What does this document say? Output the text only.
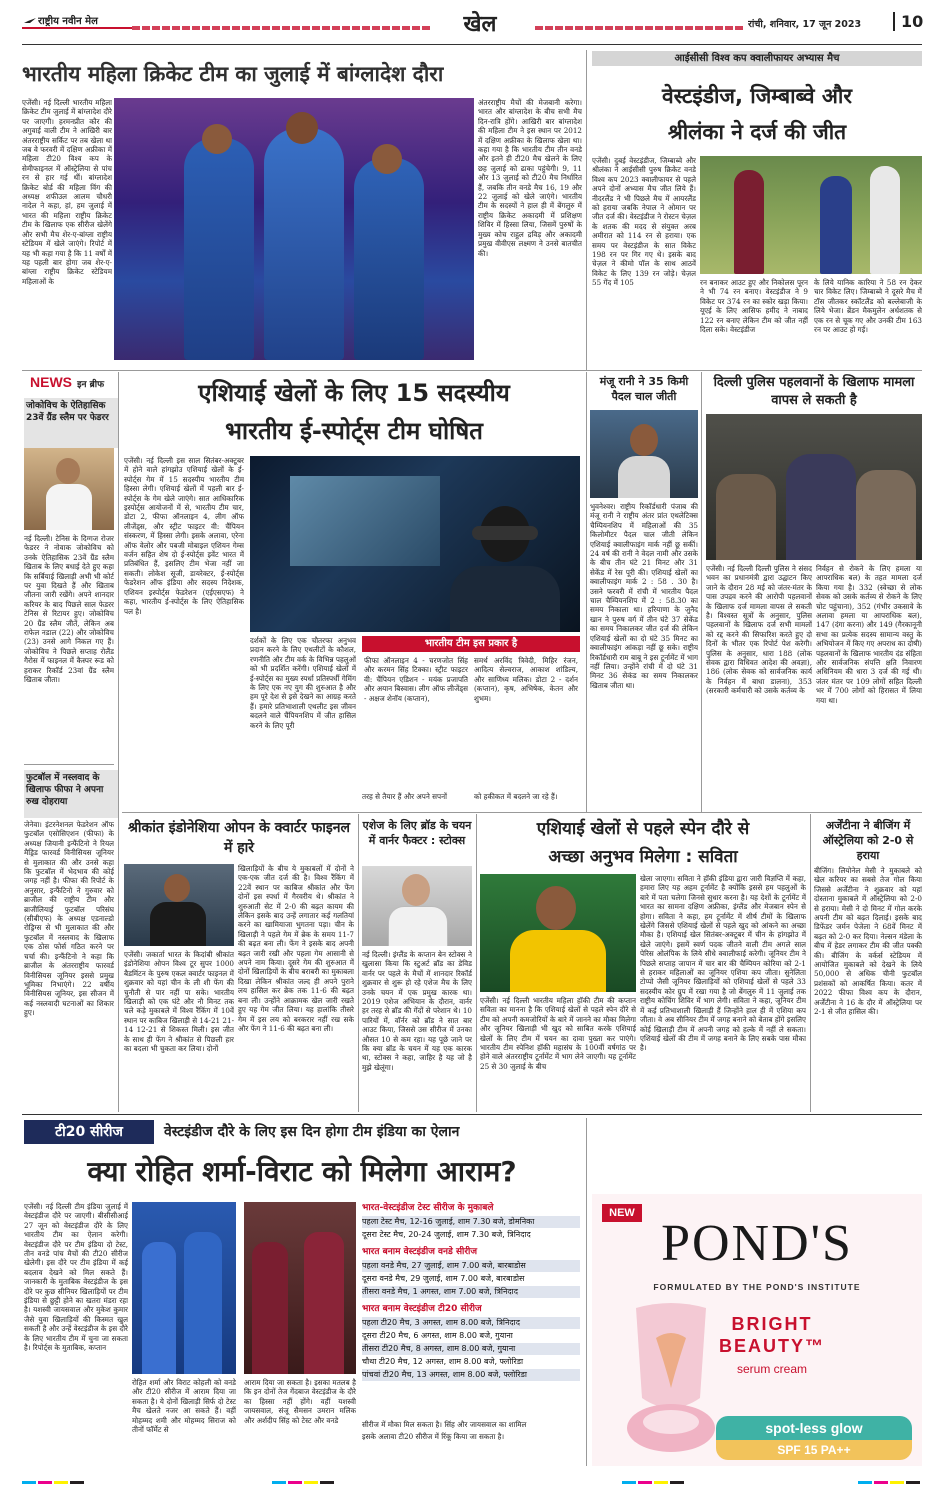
राष्ट्रीय नवीन मेल	खेल	रांची, शनिवार, 17 जून 2023	10
भारतीय महिला क्रिकेट टीम का जुलाई में बांग्लादेश दौरा
एजेंसी। नई दिल्ली भारतीय महिला क्रिकेट टीम जुलाई में बांग्लादेश दौरे पर जाएगी। हरमनप्रीत कौर की अगुवाई वाली टीम ने आखिरी बार अंतरराष्ट्रीय सर्किट पर तब खेला था जब वे फरवरी में दक्षिण अफ्रीका में महिला टी20 विश्व कप के सेमीफाइनल में ऑस्ट्रेलिया से पांच रन से हार गई थीं। बांग्लादेश क्रिकेट बोर्ड की महिला विंग की अध्यक्ष शफीउल आलम चौधरी नादेल ने कहा, हां, हम जुलाई में भारत की महिला राष्ट्रीय क्रिकेट टीम के खिलाफ एक सीरीज खेलेंगे और सभी मैच शेर-ए-बांग्ला राष्ट्रीय स्टेडियम में खेले जाएंगे। रिपोर्ट में यह भी कहा गया है कि 11 वर्षों में यह पहली बार होगा जब शेर-ए-बांग्ला राष्ट्रीय क्रिकेट स्टेडियम महिलाओं के
अंतरराष्ट्रीय मैचों की मेजबानी करेगा। भारत और बांग्लादेश के बीच सभी मैच दिन-रात्रि होंगे। आखिरी बार बांग्लादेश की महिला टीम ने इस स्थान पर 2012 में दक्षिण अफ्रीका के खिलाफ खेला था। कहा गया है कि भारतीय टीम तीन वनडे और इतने ही टी20 मैच खेलने के लिए छह जुलाई को ढाका पहुंचेगी। 9, 11 और 13 जुलाई को टी20 मैच निर्धारित हैं, जबकि तीन वनडे मैच 16, 19 और 22 जुलाई को खेले जाएंगे। भारतीय टीम के सदस्यों ने हाल ही में बेंगलुरु में राष्ट्रीय क्रिकेट अकादमी में प्रशिक्षण शिविर में हिस्सा लिया, जिसमें पुरुषों के मुख्य कोच राहुल द्रविड़ और अकादमी प्रमुख वीवीएस लक्ष्मण ने उनसे बातचीत की।
आईसीसी विश्व कप क्वालीफायर अभ्यास मैच
वेस्टइंडीज, जिम्बाब्वे और
श्रीलंका ने दर्ज की जीत
एजेंसी। दुबई वेस्टइंडीज, जिम्बाब्वे और श्रीलंका ने आईसीसी पुरुष क्रिकेट वनडे विश्व कप 2023 क्वालीफायर से पहले अपने दोनों अभ्यास मैच जीत लिये हैं। नीदरलैंड ने भी पिछले मैच में आयरलैंड को हराया जबकि नेपाल ने ओमान पर जीत दर्ज की। वेस्टइंडीज ने रोस्टन चेज़ल के शतक की मदद से संयुक्त अरब अमीरात को 114 रन से हराया। एक समय पर वेस्टइंडीज के सात विकेट 198 रन पर गिर गए थे। इसके बाद चेज़ल ने कीमो पॉल के साथ आठवें विकेट के लिए 139 रन जोड़े। चेज़ल 55 गेंद में 105	रन बनाकर आउट हुए और निकोलस पूरन ने भी 74 रन बनाए। वेस्टइंडीज ने 9 विकेट पर 374 रन का स्कोर खड़ा किया। यूएई के लिए आसिफ हमीद ने नाबाद 122 रन बनाए लेकिन टीम को जीत नहीं दिला सके। वेस्टइंडीज
के लिये यानिक कारिया ने 58 रन देकर चार विकेट लिए। जिम्बाब्वे ने दूसरे मैच में टॉस जीतकर स्कॉटलैंड को बल्लेबाजी के लिये भेजा। ब्रेंडन मैकमुलेन अर्धशतक से एक रन से चूक गए और उनकी टीम 163 रन पर आउट हो गई।
NEWS इन ब्रीफ
जोकोविच के ऐतिहासिक 23वें ग्रैंड स्लैम पर फेडरर
नई दिल्ली। टेनिस के दिग्गज रोजर फेडरर ने नोवाक जोकोविच को उनके ऐतिहासिक 23वें ग्रैंड स्लैम खिताब के लिए बधाई देते हुए कहा कि सर्बियाई खिलाड़ी अभी भी कोर्ट पर युवा दिखते हैं और खिताब जीतना जारी रखेंगे। अपने शानदार करियर के बाद पिछले साल फेडरर टेनिस से रिटायर हुए। जोकोविच 20 ग्रैंड स्लैम जीतें, लेकिन अब राफेल नडाल (22) और जोकोविच (23) उनसे आगे निकल गए हैं। जोकोविच ने पिछले सप्ताह रोलैंड गैरोस में फाइनल में कैस्पर रूड को हराकर रिकॉर्ड 23वां ग्रैंड स्लैम खिताब जीता।
फुटबॉल में नस्लवाद के खिलाफ फीफा ने अपना रुख दोहराया
जेनेवा। इंटरनेशनल फेडरेशन ऑफ फुटबॉल एसोसिएशन (फीफा) के अध्यक्ष जियानी इन्फैंटिनो ने रियल मैड्रिड फारवर्ड विनीसियस जूनियर से मुलाकात की और उनसे कहा कि फुटबॉल में भेदभाव की कोई जगह नहीं है। फीफा की रिपोर्ट के अनुसार, इन्फैंटिनो ने गुरुवार को ब्राजील की राष्ट्रीय टीम और ब्राजीलियाई फुटबॉल परिसंघ (सीबीएफ) के अध्यक्ष एडनाल्डो रोड्रिग्स से भी मुलाकात की और फुटबॉल में नस्लवाद के खिलाफ एक ठोस फोर्स गठित करने पर चर्चा की। इन्फैंटिनो ने कहा कि ब्राजील के अंतरराष्ट्रीय फारवर्ड विनीसियस जूनियर इससे प्रमुख भूमिका निभाएंगे। 22 वर्षीय विनीसियस जूनियर, इस सीजन में कई नस्लवादी घटनाओं का शिकार हुए।
एशियाई खेलों के लिए 15 सदस्यीय
भारतीय ई-स्पोर्ट्स टीम घोषित
एजेंसी। नई दिल्ली इस साल सितंबर-अक्टूबर में होने वाले हांगझोउ एशियाई खेलों के ई-स्पोर्ट्स गेम में 15 सदस्यीय भारतीय टीम हिस्सा लेगी। एशियाई खेलों में पहली बार ई-स्पोर्ट्स के गेम खेले जाएंगे। सात आधिकारिक इस्पोर्ट्स आयोजनों में से, भारतीय टीम चार, डोटा 2, फीफा ऑनलाइन 4, लीग ऑफ लीजेंड्स, और स्ट्रीट फाइटर वी: चैंपियन संस्करण, में हिस्सा लेगी। इसके अलावा, एरेना ऑफ वेलोर और पबजी मोबाइल एशियन गेम्स वर्जन सहित शेष दो ई-स्पोर्ट्स इवेंट भारत में प्रतिबंधित हैं, इसलिए टीम भेजा नहीं जा सकती। लोकेश सूजी, डायरेक्टर, ई-स्पोर्ट्स फेडरेशन ऑफ इंडिया और सदस्य निदेशक, एशियन इस्पोर्ट्स फेडरेशन (एईएसएफ) ने कहा, भारतीय ई-स्पोर्ट्स के लिए ऐतिहासिक पल है।
दर्शकों के लिए एक चौतरफा अनुभव प्रदान करने के लिए एथलीटों के कौशल, रणनीति और टीम वर्क के विभिन्न पहलुओं को भी प्रदर्शित करेंगी। एशियाई खेलों में ई-स्पोर्ट्स का मुख्य स्पर्धा प्रतिस्पर्धी गेमिंग के लिए एक नए युग की शुरुआत है और हम पूरे देश से इसे देखने का आग्रह करते हैं। हमारे प्रतिभाशाली एथलीट इस जीवन बदलने वाले चैंपियनशिप में जीत हासिल करने के लिए पूरी
भारतीय टीम इस प्रकार है
फीफा ऑनलाइन 4 - चरणजोत सिंह और करमन सिंह टिक्का। स्ट्रीट फाइटर वी: चैंपियन एडिशन - मयंक प्रजापति और अयान बिस्वास। लीग ऑफ लीजेंड्स - अक्षज शेनॉय (कप्तान),
समर्थ अरविंद त्रिवेदी, मिहिर रंजन, आदित्य सेल्वराज, आकाश शांडिल्य, और साणिध्य मलिक। डोटा 2 - दर्शन (कप्तान), कृष, अभिषेक, केतन और शुभम।
तरह से तैयार हैं और अपने सपनों	को हकीकत में बदलने जा रहे हैं।
मंजू रानी ने 35 किमी पैदल चाल जीती
भुवनेश्वर। राष्ट्रीय रिकॉर्डधारी पंजाब की मंजू रानी ने राष्ट्रीय अंतर प्रांत एथलेटिक्स चैम्पियनशिप में महिलाओं की 35 किलोमीटर पैदल चाल जीती लेकिन एशियाई क्वालीफाइंग मार्क नहीं छू सकीं। 24 वर्ष की रानी ने वेदल नामी और उसके के बीच तीन घंटे 21 मिनट और 31 सेकेंड में रेस पूरी की। एशियाई खेलों का क्वालीफाइंग मार्क 2 : 58 . 30 है। उसने फरवरी में रांची में भारतीय पैदल चाल चैम्पियनशिप में 2 : 58.30 का समय निकाला था। हरियाणा के जुनैद खान ने पुरुष वर्ग में तीन घंटे 37 सेकेंड का समय निकालकर जीत दर्ज की लेकिन एशियाई खेलों का दो घंटे 35 मिनट का क्वालीफाइंग आंकड़ा नहीं छू सके। राष्ट्रीय रिकॉर्डधारी राम बाबू ने इस टूर्नामेंट में भाग नहीं लिया। उन्होंने रांची में दो घंटे 31 मिनट 36 सेकंड का समय निकालकर खिताब जीता था।
दिल्ली पुलिस पहलवानों के खिलाफ मामला वापस ले सकती है
एजेंसी। नई दिल्ली दिल्ली पुलिस ने संसद भवन का प्रधानमंत्री द्वारा उद्घाटन किए जाने के दौरान 28 मई को जंतर-मंतर के पास उपद्रव करने की आरोपी पहलवानों के खिलाफ दर्ज मामला वापस ले सकती है। विश्वस्त सूत्रों के अनुसार, पुलिस पहलवानों के खिलाफ दर्ज सभी मामलों को रद्द करने की सिफारिश करते हुए दो दिनों के भीतर एक रिपोर्ट पेश करेगी। पुलिस के अनुसार, धारा 188 (लोक सेवक द्वारा विधिवत आदेश की अवज्ञा), 186 (लोक सेवक को सार्वजनिक कार्य के निर्वहन में बाधा डालना), 353 (सरकारी कर्मचारी को उसके कर्तव्य के
निर्वहन से रोकने के लिए हमला या आपराधिक बल) के तहत मामला दर्ज किया गया है। 332 (स्वेच्छा से लोक सेवक को उसके कर्तव्य से रोकने के लिए चोट पहुंचाना), 352 (गंभीर उकसावे के अलावा हमला या आपराधिक बल), 147 (दंगा करना) और 149 (गैरकानूनी सभा का प्रत्येक सदस्य सामान्य वस्तु के अभियोजन में किए गए अपराध का दोषी) पहलवानों के खिलाफ भारतीय दंड संहिता और सार्वजनिक संपत्ति क्षति निवारण अधिनियम की धारा 3 दर्ज की गई थी। जंतर मंतर पर 109 लोगों सहित दिल्ली भर में 700 लोगों को हिरासत में लिया गया था।
श्रीकांत इंडोनेशिया ओपन के क्वार्टर फाइनल में हारे
एजेंसी। जकार्ता भारत के किदांबी श्रीकांत इंडोनेशिया ओपन विश्व टूर सुपर 1000 बैडमिंटन के पुरुष एकल क्वार्टर फाइनल में शुक्रवार को यहां चीन के ली शी फेंग की चुनौती से पार नहीं पा सके। भारतीय खिलाड़ी को एक घंटे और नौ मिनट तक चले कड़े मुकाबले में विश्व रैंकिंग में 10वें स्थान पर काबिज खिलाड़ी से 14-21 21-14 12-21 से शिकस्त मिली। इस जीत के साथ ही फेंग ने श्रीकांत से पिछली हार का बदला भी चुकता कर लिया। दोनों
खिलाड़ियों के बीच ये मुकाबलों में दोनों ने एक-एक जीत दर्ज की है। विश्व रैंकिंग में 22वें स्थान पर काबिज श्रीकांत और फेंग दोनों इस स्पर्धा में गैरवरीय थे। श्रीकांत ने शुरुआती सेट में 2-0 की बढ़त कायम की लेकिन इसके बाद उन्हें लगातार कई गलतियां करने का खामियाजा भुगतना पड़ा। चीन के खिलाड़ी ने पहले गेम में ब्रेक के समय 11-7 की बढ़त बना ली। फेंग ने इसके बाद अपनी बढ़त जारी रखी और पहला गेम आसानी से अपने नाम किया। दूसरे गेम की शुरुआत में दोनों खिलाड़ियों के बीच बराबरी का मुकाबला दिखा लेकिन श्रीकांत जल्द ही अपने पुराने लय हासिल कर ब्रेक तक 11-6 की बढ़त बना ली। उन्होंने आक्रामक खेल जारी रखते हुए यह गेम जीत लिया। यह हालांकि तीसरे गेम में इस लय को बरकरार नहीं रख सके और फेंग ने 11-6 की बढ़त बना ली।
एशेज के लिए ब्रॉड के चयन में वार्नर फैक्टर : स्टोक्स
नई दिल्ली। इंग्लैंड के कप्तान बेन स्टोक्स ने खुलासा किया कि स्टुअर्ट ब्रॉड का डेविड वार्नर पर पहले के मैचों में शानदार रिकॉर्ड शुक्रवार से शुरू हो रहे एशेज मैच के लिए उनके चयन में एक प्रमुख कारक था। 2019 एशेज अभियान के दौरान, वार्नर हर तरह से ब्रॉड की गेंदों से परेशान थे। 10 पारियों में, वॉर्नर को ब्रॉड ने सात बार आउट किया, जिससे उस सीरीज में उनका औसत 10 से कम रहा। यह पूछे जाने पर कि क्या ब्रॉड के चयन में यह एक कारक था, स्टोक्स ने कहा, जाहिर है यह जो है मुझे खेलूंगा।
एशियाई खेलों से पहले स्पेन दौरे से
अच्छा अनुभव मिलेगा : सविता
एजेंसी। नई दिल्ली भारतीय महिला हॉकी टीम की कप्तान सविता का मानना है कि एशियाई खेलों से पहले स्पेन दौरे से टीम को अपनी कमजोरियों के बारे में जानने का मौका मिलेगा और जूनियर खिलाड़ी भी खुद को साबित करके एशियाई खेलों के लिए टीम में चयन का दावा पुख्ता कर पाएंगे। भारतीय टीम स्पेनिश हॉकी महासंघ के 100वीं वर्षगांठ पर होने वाले अंतरराष्ट्रीय टूर्नामेंट में भाग लेने जाएगी। यह टूर्नामेंट 25 से 30 जुलाई के बीच
खेला जाएगा। सविता ने हॉकी इंडिया द्वारा जारी विज्ञप्ति में कहा, हमारा लिए यह अहम टूर्नामेंट है क्योंकि इससे हम पहलुओं के बारे में पता चलेगा जिनसे सुधार करना है। यह देशों के टूर्नामेंट में भारत का सामना दक्षिण अफ्रीका, इंग्लैंड और मेजबान स्पेन से होगा। सविता ने कहा, हम टूर्नामेंट में शीर्ष टीमों के खिलाफ खेलेंगे जिससे एशियाई खेलों से पहले खुद को आंकने का अच्छा मौका है। एशियाई खेल सितंबर-अक्टूबर में चीन के हांगझोउ में खेले जाएंगे। इसमें स्वर्ण पदक जीतने वाली टीम अगले साल पेरिस ओलंपिक के लिये सीधे क्वालीफाई करेगी। जूनियर टीम ने पिछले सप्ताह जापान में चार बार की चैम्पियन कोरिया को 2-1 से हराकर महिलाओं का जूनियर एशिया कप जीता। सुनेलिता टोप्पो जैसी जूनियर खिलाड़ियों को एशियाई खेलों से पहले 33 सदस्यीय कोर ग्रुप में रखा गया है जो बेंगलुरु में 11 जुलाई तक राष्ट्रीय कोचिंग शिविर में भाग लेगी। सविता ने कहा, जूनियर टीम में कई प्रतिभाशाली खिलाड़ी हैं जिन्होंने हाल ही में एशिया कप जीता। वे अब सीनियर टीम में जगह बनाने को बेताब होंगे इसलिए कोई खिलाड़ी टीम में अपनी जगह को हल्के में नहीं ले सकता। एशियाई खेलों की टीम में जगह बनाने के लिए सबके पास मौका है।
अर्जेंटीना ने बीजिंग में ऑस्ट्रेलिया को 2-0 से हराया
बीजिंग। लियोनेल मेसी ने मुकाबले को खेल करियर का सबसे तेज गोल किया जिससे अर्जेंटीना ने शुक्रवार को यहां दोस्ताना मुकाबले में ऑस्ट्रेलिया को 2-0 से हराया। मेसी ने दो मिनट में गोल करके अपनी टीम को बढ़त दिलाई। इसके बाद डिफेंडर जर्मन पेजेला ने 68वें मिनट में बढ़त को 2-0 कर दिया। नेल्सन मंडेला के बीच में हेडर लगाकर टीम की जीत पक्की की। बीजिंग के वर्कर्स स्टेडियम में आयोजित मुकाबले को देखने के लिये 50,000 से अधिक चीनी फुटबॉल प्रशंसकों को आकर्षित किया। कतर में 2022 फीफा विश्व कप के दौरान, अर्जेंटीना ने 16 के दौर में ऑस्ट्रेलिया पर 2-1 से जीत हासिल की।
टी20 सीरीज	वेस्टइंडीज दौरे के लिए इस दिन होगा टीम इंडिया का ऐलान
क्या रोहित शर्मा-विराट को मिलेगा आराम?
एजेंसी। नई दिल्ली टीम इंडिया जुलाई में वेस्टइंडीज दौरे पर जाएगी। बीसीसीआई 27 जून को वेस्टइंडीज दौरे के लिए भारतीय टीम का ऐलान करेगी। वेस्टइंडीज दौरे पर टीम इंडिया दो टेस्ट, तीन वनडे पांच मैचों की टी20 सीरीज खेलेगी। इस दौरे पर टीम इंडिया में कई बदलाव देखने को मिल सकते हैं। जानकारी के मुताबिक वेस्टइंडीज के इस दौरे पर कुछ सीनियर खिलाड़ियों पर टीम इंडिया से छुट्टी होने का खतरा मंडरा रहा है। यशस्वी जायसवाल और मुकेश कुमार जैसे युवा खिलाड़ियों की किस्मत खुल सकती है और उन्हें वेस्टइंडीज के इस दौरे के लिए भारतीय टीम में चुना जा सकता है। रिपोर्ट्स के मुताबिक, कप्तान
रोहित शर्मा और विराट कोहली को वनडे और टी20 सीरीज में आराम दिया जा सकता है। ये दोनों खिलाड़ी सिर्फ दो टेस्ट मैच खेलते नजर आ सकते हैं। वहीं मोहम्मद शमी और मोहम्मद सिराज को तीनों फॉर्मेट से
आराम दिया जा सकता है। इसका मतलब है कि इन दोनों तेज गेंदबाज वेस्टइंडीज के दौरे का हिस्सा नहीं होंगे। वहीं यशस्वी जायसवाल, संजू सैमसन उमरान मलिक और अर्शदीप सिंह को टेस्ट और वनडे
भारत-वेस्टइंडीज टेस्ट सीरीज के मुकाबले
पहला टेस्ट मैच, 12-16 जुलाई, शाम 7.30 बजे, डोमनिका
दूसरा टेस्ट मैच, 20-24 जुलाई, शाम 7.30 बजे, त्रिनिदाद
भारत बनाम वेस्टइंडीज वनडे सीरीज
पहला वनडे मैच, 27 जुलाई, शाम 7.00 बजे, बारबाडोस
दूसरा वनडे मैच, 29 जुलाई, शाम 7.00 बजे, बारबाडोस
तीसरा वनडे मैच, 1 अगस्त, शाम 7.00 बजे, त्रिनिदाद
भारत बनाम वेस्टइंडीज टी20 सीरीज
पहला टी20 मैच, 3 अगस्त, शाम 8.00 बजे, त्रिनिदाद
दूसरा टी20 मैच, 6 अगस्त, शाम 8.00 बजे, गुयाना
तीसरा टी20 मैच, 8 अगस्त, शाम 8.00 बजे, गुयाना
चौथा टी20 मैच, 12 अगस्त, शाम 8.00 बजे, फ्लोरिडा
पांचवां टी20 मैच, 13 अगस्त, शाम 8.00 बजे, फ्लोरिडा
सीरीज में मौका मिल सकता है। सिंह और जायसवाल का शामिल
इसके अलावा टी20 सीरीज में रिंकू किया जा सकता है।
NEW
POND'S
FORMULATED BY THE POND'S INSTITUTE
BRIGHT
BEAUTY™
serum cream
spot-less glow
SPF 15 PA++
